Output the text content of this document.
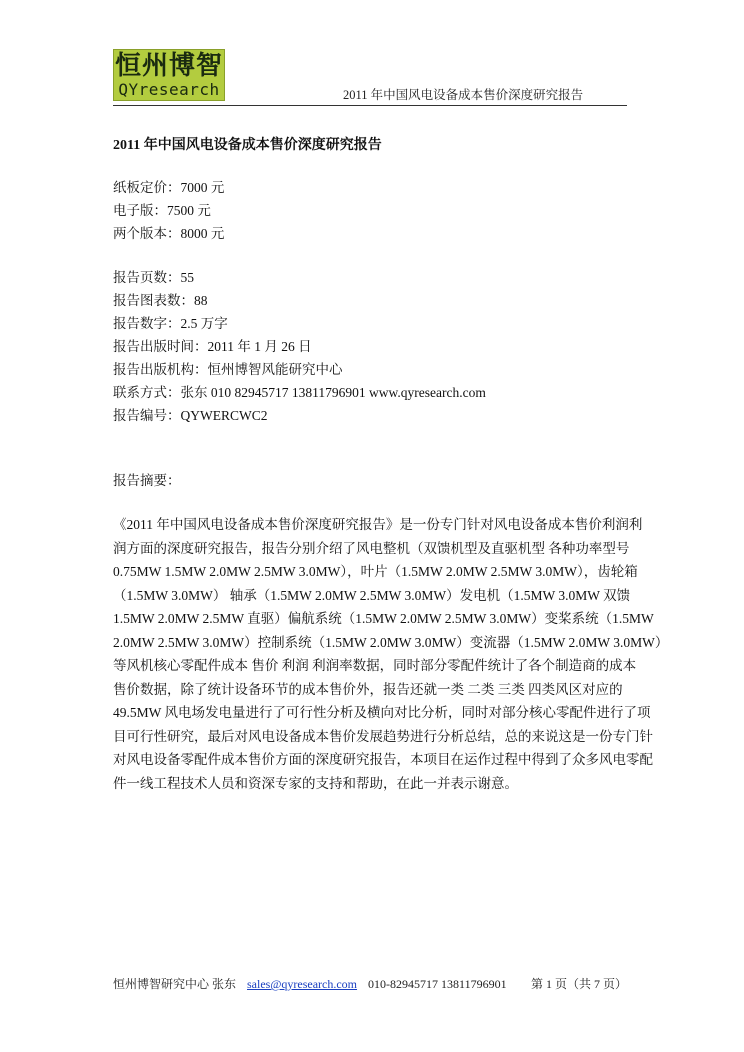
恒州博智
QYresearch	2011 年中国风电设备成本售价深度研究报告
2011 年中国风电设备成本售价深度研究报告
纸板定价：7000 元
电子版：7500 元
两个版本：8000 元
报告页数：55
报告图表数：88
报告数字：2.5 万字
报告出版时间：2011 年 1 月 26 日
报告出版机构：恒州博智风能研究中心
联系方式：张东 010 82945717 13811796901 www.qyresearch.com
报告编号：QYWERCWC2
报告摘要：
《2011 年中国风电设备成本售价深度研究报告》是一份专门针对风电设备成本售价利润利
润方面的深度研究报告，报告分别介绍了风电整机（双馈机型及直驱机型 各种功率型号
0.75MW 1.5MW 2.0MW 2.5MW 3.0MW），叶片（1.5MW 2.0MW 2.5MW 3.0MW），齿轮箱
（1.5MW 3.0MW） 轴承（1.5MW 2.0MW 2.5MW 3.0MW）发电机（1.5MW 3.0MW 双馈
1.5MW 2.0MW 2.5MW 直驱）偏航系统（1.5MW 2.0MW 2.5MW 3.0MW）变桨系统（1.5MW
2.0MW 2.5MW 3.0MW）控制系统（1.5MW 2.0MW 3.0MW）变流器（1.5MW 2.0MW 3.0MW）
等风机核心零配件成本 售价 利润 利润率数据，同时部分零配件统计了各个制造商的成本
售价数据，除了统计设备环节的成本售价外，报告还就一类 二类 三类 四类风区对应的
49.5MW 风电场发电量进行了可行性分析及横向对比分析，同时对部分核心零配件进行了项
目可行性研究，最后对风电设备成本售价发展趋势进行分析总结，总的来说这是一份专门针
对风电设备零配件成本售价方面的深度研究报告，本项目在运作过程中得到了众多风电零配
件一线工程技术人员和资深专家的支持和帮助，在此一并表示谢意。
恒州博智研究中心 张东 sales@qyresearch.com 010-82945717 13811796901 第 1 页（共 7 页）
